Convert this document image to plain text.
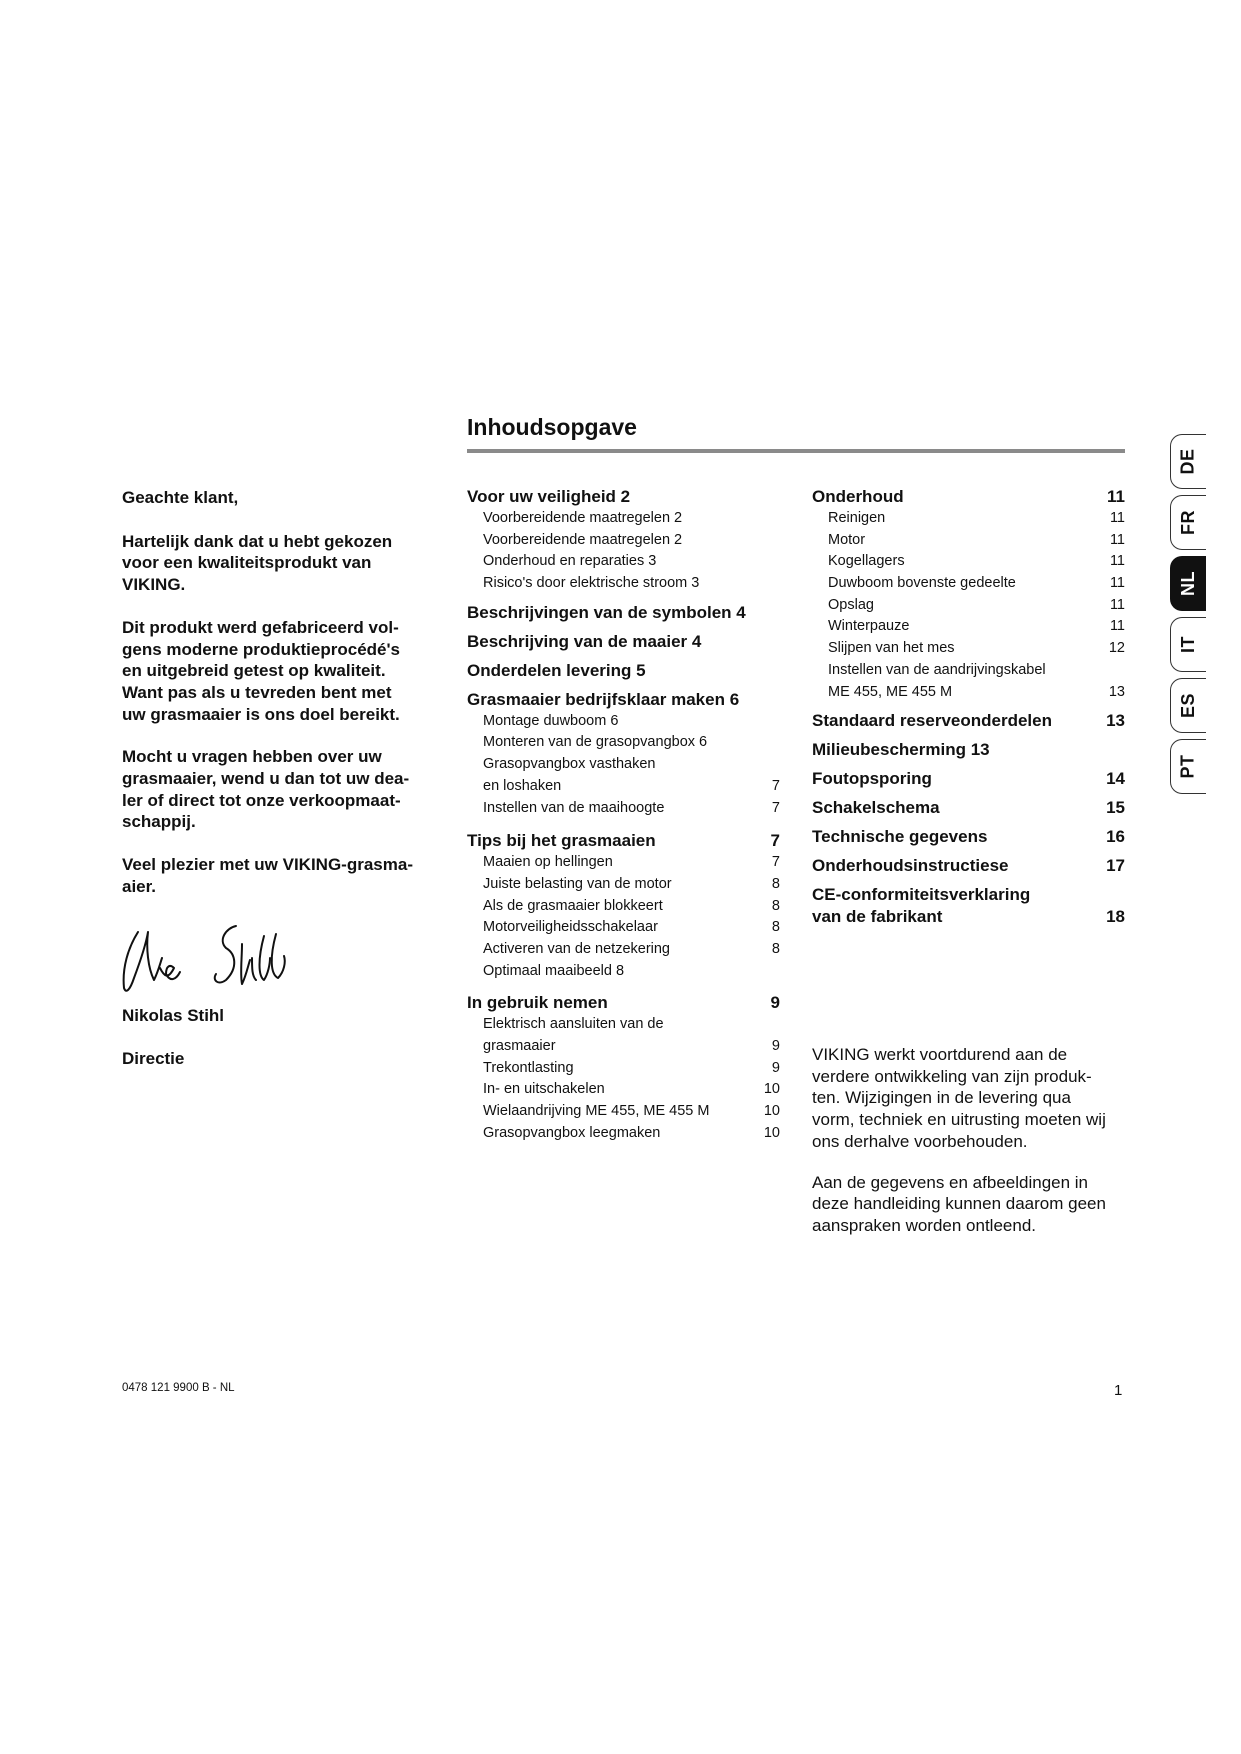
Inhoudsopgave

Geachte klant,

Hartelijk dank dat u hebt gekozen
voor een kwaliteitsprodukt van
VIKING.

Dit produkt werd gefabriceerd vol-
gens moderne produktieprocédé's
en uitgebreid getest op kwaliteit.
Want pas als u tevreden bent met
uw grasmaaier is ons doel bereikt.

Mocht u vragen hebben over uw
grasmaaier, wend u dan tot uw dea-
ler of direct tot onze verkoopmaat-
schappij.

Veel plezier met uw VIKING-grasma-
aier.

Nikolas Stihl
Directie
Voor uw veiligheid 2
Voorbereidende maatregelen 2
Voorbereidende maatregelen 2
Onderhoud en reparaties 3
Risico's door elektrische stroom 3
Beschrijvingen van de symbolen 4
Beschrijving van de maaier 4
Onderdelen levering 5
Grasmaaier bedrijfsklaar maken 6
Montage duwboom 6
Monteren van de grasopvangbox 6
Grasopvangbox vasthaken
en loshaken	7
Instellen van de maaihoogte	7
Tips bij het grasmaaien	7
Maaien op hellingen	7
Juiste belasting van de motor	8
Als de grasmaaier blokkeert	8
Motorveiligheidsschakelaar	8
Activeren van de netzekering	8
Optimaal maaibeeld 8
In gebruik nemen	9
Elektrisch aansluiten van de
grasmaaier	9
Trekontlasting	9
In- en uitschakelen	10
Wielaandrijving ME 455, ME 455 M	10
Grasopvangbox leegmaken	10
Onderhoud	11
Reinigen	11
Motor	11
Kogellagers	11
Duwboom bovenste gedeelte	11
Opslag	11
Winterpauze	11
Slijpen van het mes	12
Instellen van de aandrijvingskabel
ME 455, ME 455 M	13
Standaard reserveonderdelen	13
Milieubescherming 13
Foutopsporing	14
Schakelschema	15
Technische gegevens	16
Onderhoudsinstructiese	17
CE-conformiteitsverklaring
van de fabrikant	18

VIKING werkt voortdurend aan de
verdere ontwikkeling van zijn produk-
ten. Wijzigingen in de levering qua
vorm, techniek en uitrusting moeten wij
ons derhalve voorbehouden.

Aan de gegevens en afbeeldingen in
deze handleiding kunnen daarom geen
aanspraken worden ontleend.

0478 121 9900 B - NL	1
DE
FR
NL
IT
ES
PT
